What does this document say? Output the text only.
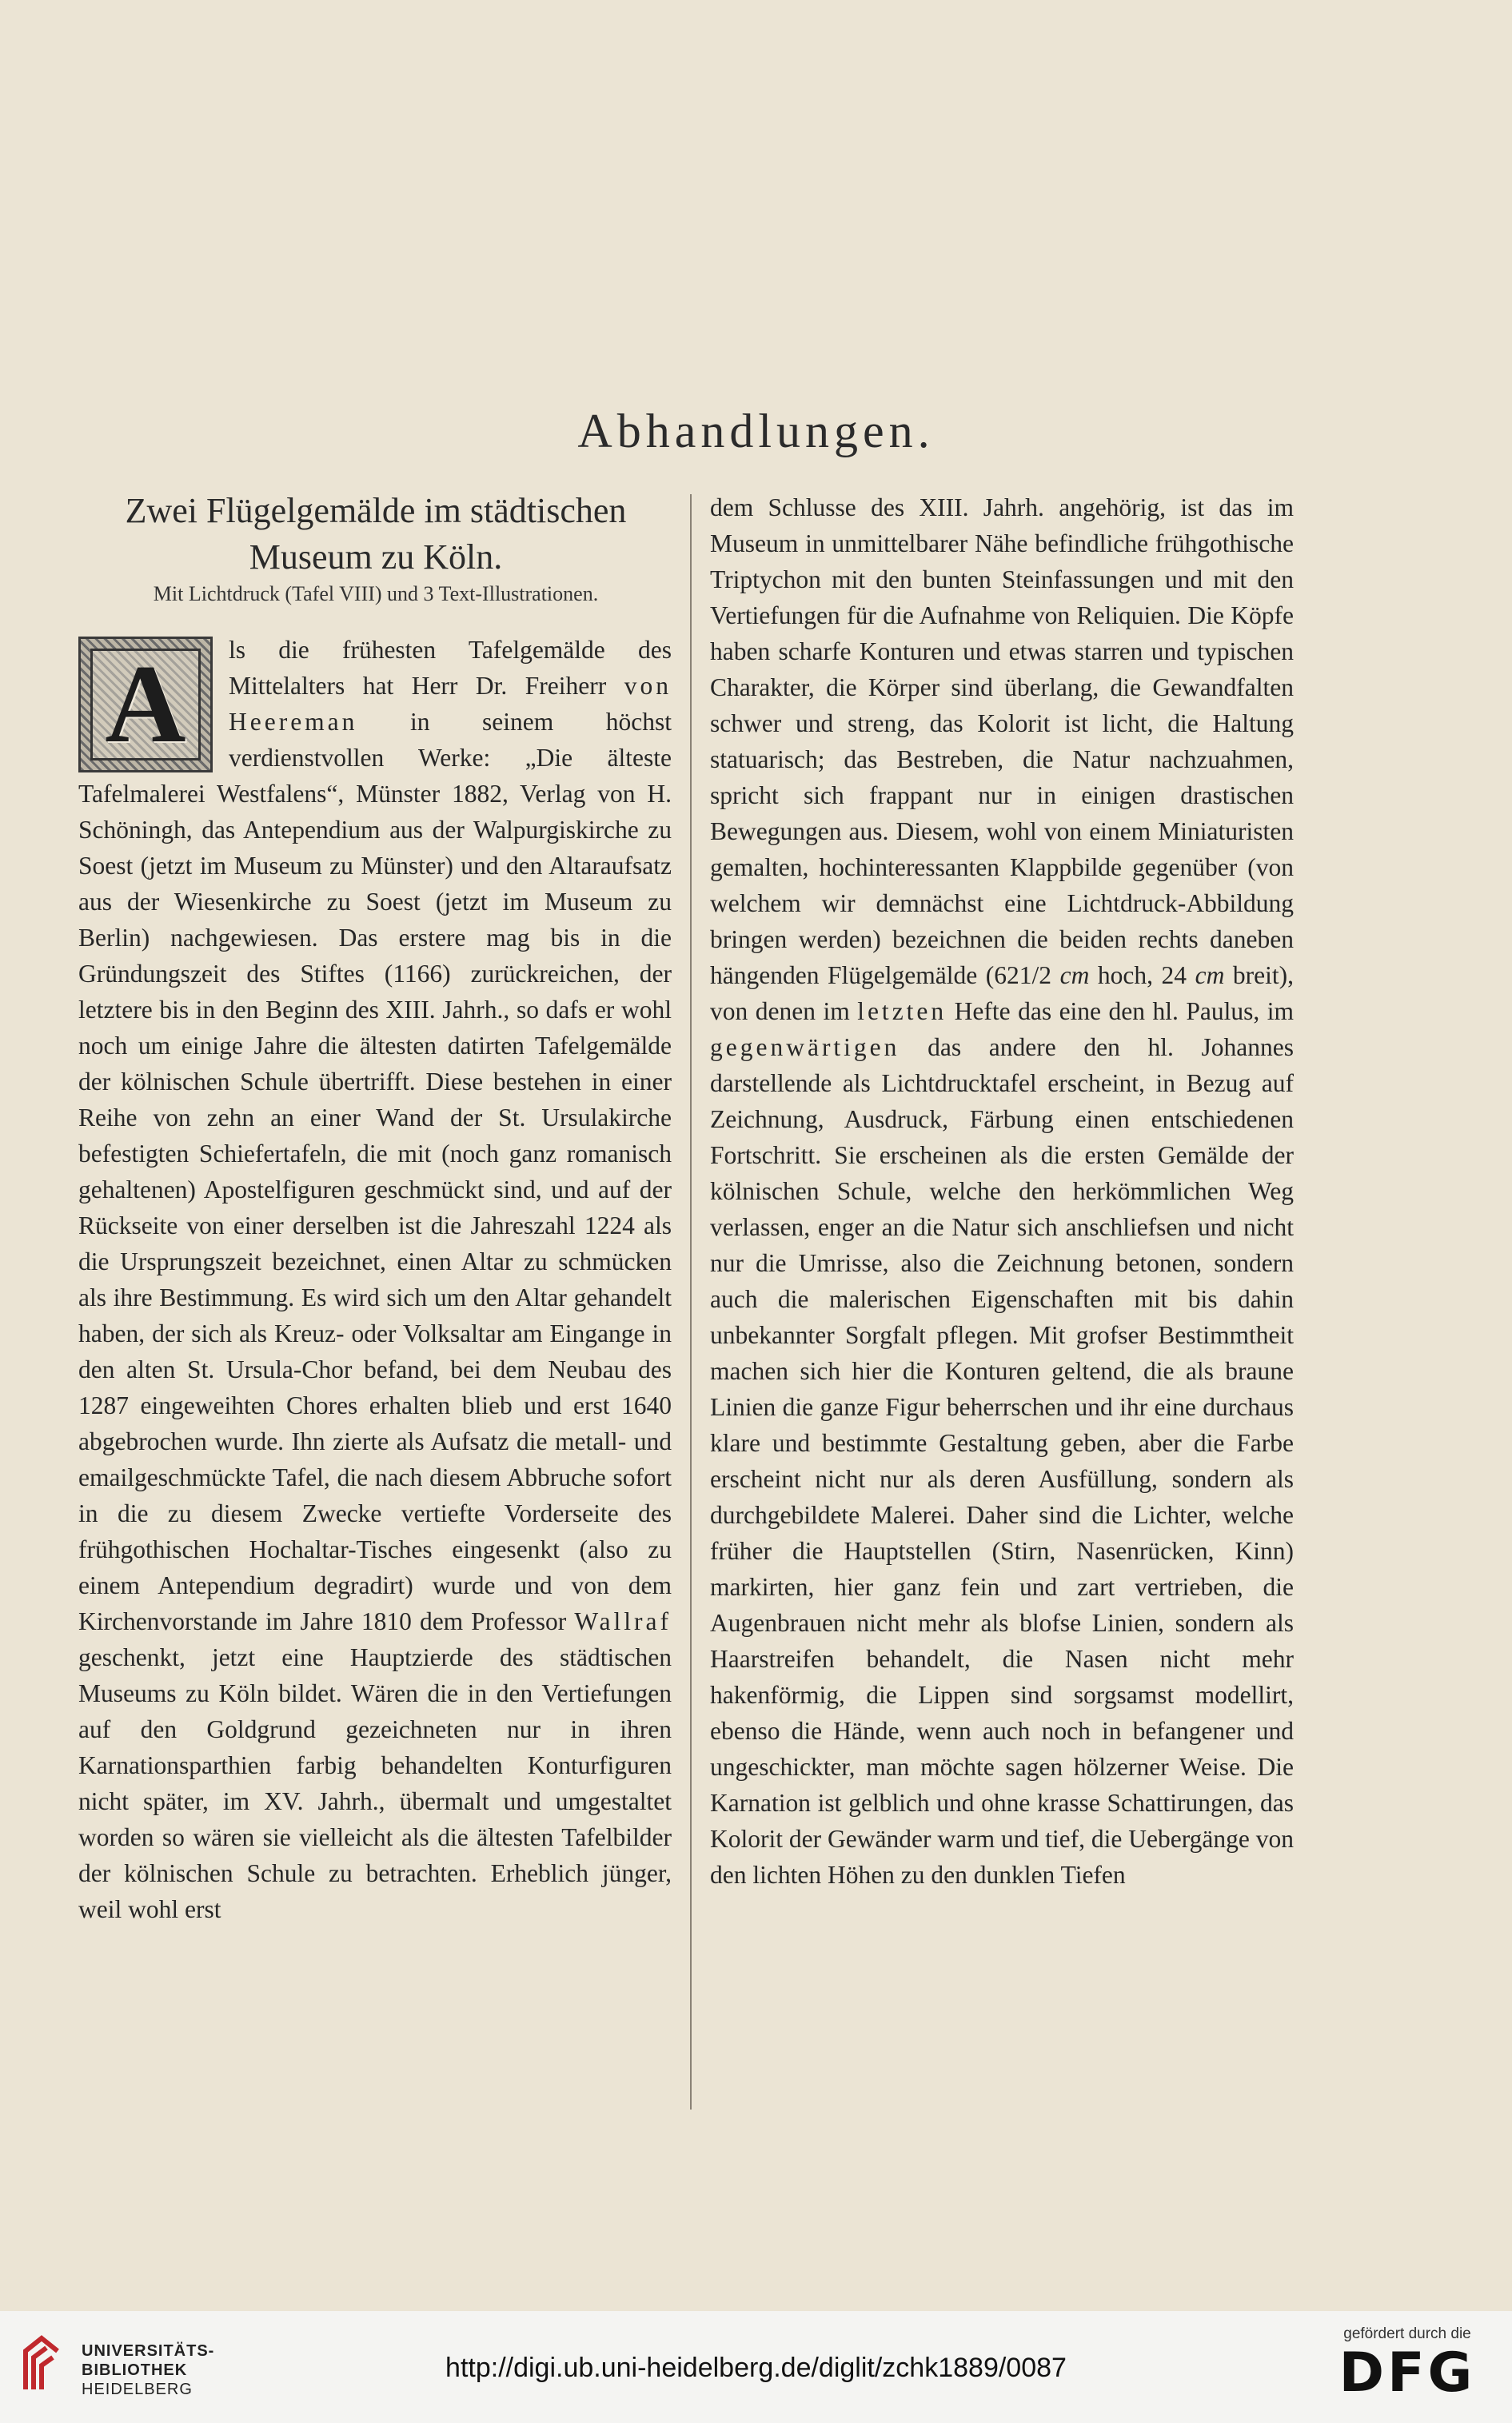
Abhandlungen.
Zwei Flügelgemälde im städtischen
Museum zu Köln.
Mit Lichtdruck (Tafel VIII) und 3 Text-Illustrationen.

A ls die frühesten Tafelgemälde des Mittelalters hat Herr Dr. Freiherr von Heereman in seinem höchst verdienstvollen Werke: „Die älteste Tafelmalerei Westfalens“, Münster 1882, Verlag von H. Schöningh, das Antependium aus der Walpurgiskirche zu Soest (jetzt im Museum zu Münster) und den Altaraufsatz aus der Wiesenkirche zu Soest (jetzt im Museum zu Berlin) nachgewiesen. Das erstere mag bis in die Gründungszeit des Stiftes (1166) zurückreichen, der letztere bis in den Beginn des XIII. Jahrh., so dafs er wohl noch um einige Jahre die ältesten datirten Tafelgemälde der kölnischen Schule übertrifft. Diese bestehen in einer Reihe von zehn an einer Wand der St. Ursulakirche befestigten Schiefertafeln, die mit (noch ganz romanisch gehaltenen) Apostelfiguren geschmückt sind, und auf der Rückseite von einer derselben ist die Jahreszahl 1224 als die Ursprungszeit bezeichnet, einen Altar zu schmücken als ihre Bestimmung. Es wird sich um den Altar gehandelt haben, der sich als Kreuz- oder Volksaltar am Eingange in den alten St. Ursula-Chor befand, bei dem Neubau des 1287 eingeweihten Chores erhalten blieb und erst 1640 abgebrochen wurde. Ihn zierte als Aufsatz die metall- und emailgeschmückte Tafel, die nach diesem Abbruche sofort in die zu diesem Zwecke vertiefte Vorderseite des frühgothischen Hochaltar-Tisches eingesenkt (also zu einem Antependium degradirt) wurde und von dem Kirchenvorstande im Jahre 1810 dem Professor Wallraf geschenkt, jetzt eine Hauptzierde des städtischen Museums zu Köln bildet. Wären die in den Vertiefungen auf den Goldgrund gezeichneten nur in ihren Karnationsparthien farbig behandelten Konturfiguren nicht später, im XV. Jahrh., übermalt und umgestaltet worden so wären sie vielleicht als die ältesten Tafelbilder der kölnischen Schule zu betrachten. Erheblich jünger, weil wohl erst

dem Schlusse des XIII. Jahrh. angehörig, ist das im Museum in unmittelbarer Nähe befindliche frühgothische Triptychon mit den bunten Steinfassungen und mit den Vertiefungen für die Aufnahme von Reliquien. Die Köpfe haben scharfe Konturen und etwas starren und typischen Charakter, die Körper sind überlang, die Gewandfalten schwer und streng, das Kolorit ist licht, die Haltung statuarisch; das Bestreben, die Natur nachzuahmen, spricht sich frappant nur in einigen drastischen Bewegungen aus. Diesem, wohl von einem Miniaturisten gemalten, hochinteressanten Klappbilde gegenüber (von welchem wir demnächst eine Lichtdruck-Abbildung bringen werden) bezeichnen die beiden rechts daneben hängenden Flügelgemälde (621/2 cm hoch, 24 cm breit), von denen im letzten Hefte das eine den hl. Paulus, im gegenwärtigen das andere den hl. Johannes darstellende als Lichtdrucktafel erscheint, in Bezug auf Zeichnung, Ausdruck, Färbung einen entschiedenen Fortschritt. Sie erscheinen als die ersten Gemälde der kölnischen Schule, welche den herkömmlichen Weg verlassen, enger an die Natur sich anschliefsen und nicht nur die Umrisse, also die Zeichnung betonen, sondern auch die malerischen Eigenschaften mit bis dahin unbekannter Sorgfalt pflegen. Mit grofser Bestimmtheit machen sich hier die Konturen geltend, die als braune Linien die ganze Figur beherrschen und ihr eine durchaus klare und bestimmte Gestaltung geben, aber die Farbe erscheint nicht nur als deren Ausfüllung, sondern als durchgebildete Malerei. Daher sind die Lichter, welche früher die Hauptstellen (Stirn, Nasenrücken, Kinn) markirten, hier ganz fein und zart vertrieben, die Augenbrauen nicht mehr als blofse Linien, sondern als Haarstreifen behandelt, die Nasen nicht mehr hakenförmig, die Lippen sind sorgsamst modellirt, ebenso die Hände, wenn auch noch in befangener und ungeschickter, man möchte sagen hölzerner Weise. Die Karnation ist gelblich und ohne krasse Schattirungen, das Kolorit der Gewänder warm und tief, die Uebergänge von den lichten Höhen zu den dunklen Tiefen

UNIVERSITÄTS-
BIBLIOTHEK
HEIDELBERG
http://digi.ub.uni-heidelberg.de/diglit/zchk1889/0087
gefördert durch die
DFG
